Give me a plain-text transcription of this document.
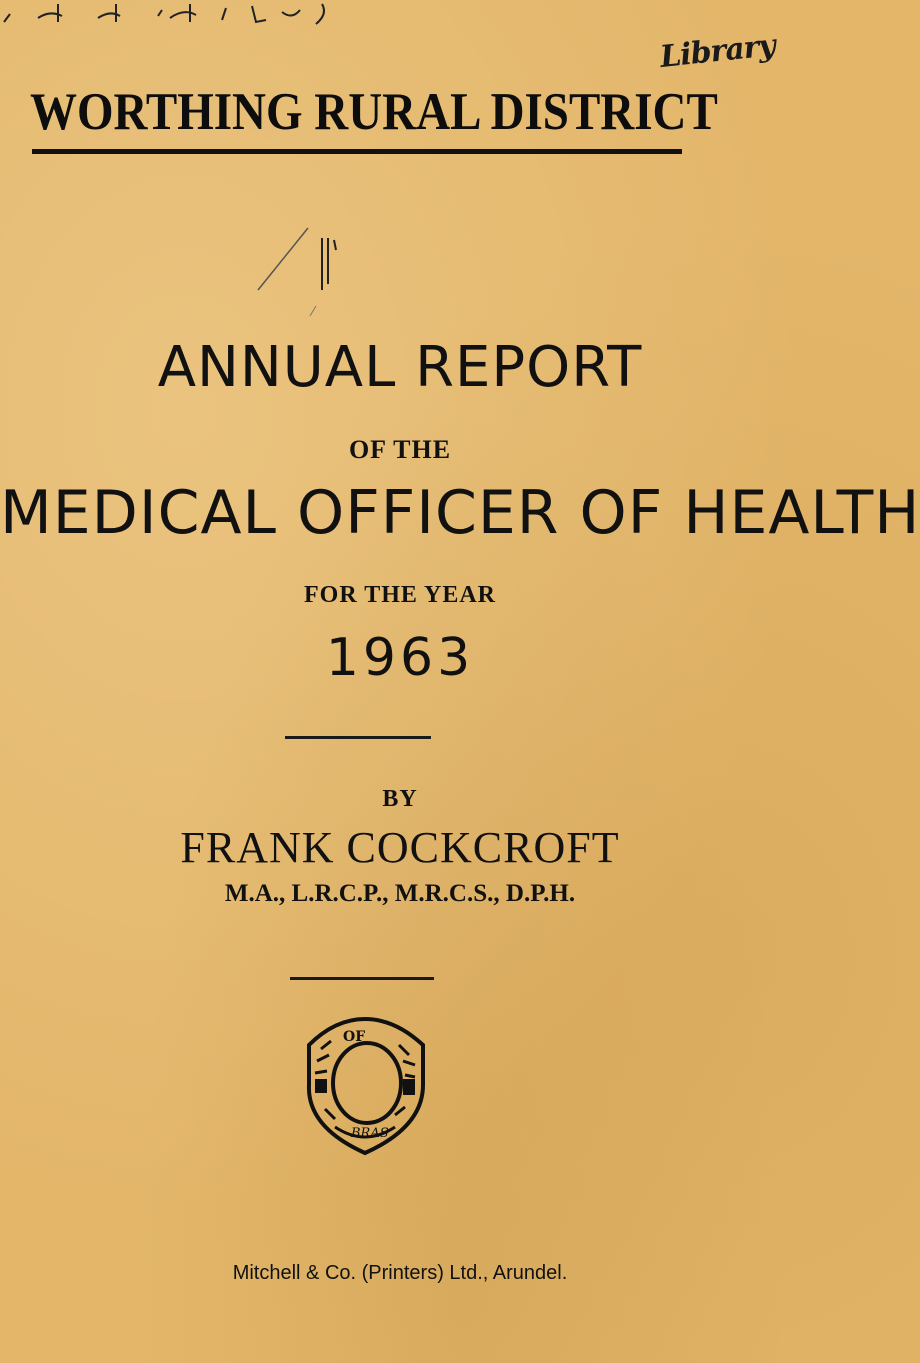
Library
WORTHING RURAL DISTRICT
ANNUAL REPORT
OF THE
MEDICAL OFFICER OF HEALTH
FOR THE YEAR
1963
BY
FRANK COCKCROFT
M.A., L.R.C.P., M.R.C.S., D.P.H.
OF
BRAS
Mitchell & Co. (Printers) Ltd., Arundel.
